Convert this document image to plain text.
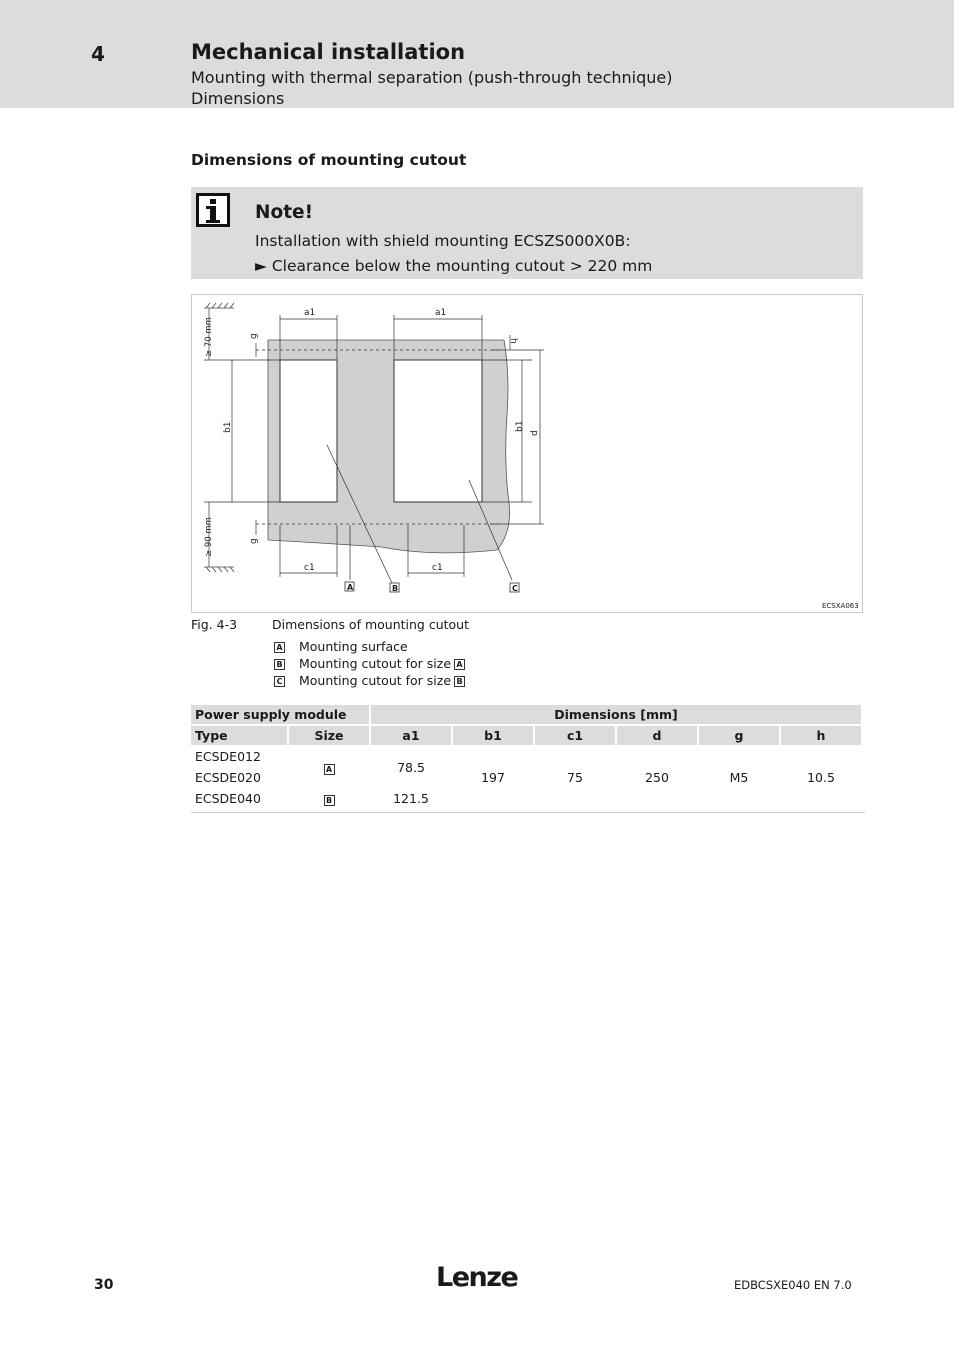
4	Mechanical installation
Mounting with thermal separation (push-through technique)
Dimensions
Dimensions of mounting cutout
Note!
Installation with shield mounting ECSZS000X0B:
► Clearance below the mounting cutout > 220 mm
a1	a1
c1	c1
≥ 70 mm
≥ 90 mm
b1	b1
d
h
g
g
A	B	C
ECSXA063
Fig. 4-3	Dimensions of mounting cutout
A Mounting surface
B Mounting cutout for size A
C Mounting cutout for size B
Power supply module		Dimensions [mm]					
Type	Size	a1	b1	c1	d	g	h
ECSDE012	A	78.5	197	75	250	M5	10.5
ECSDE020							
ECSDE040	B	121.5					
30	Lenze	EDBCSXE040 EN 7.0
